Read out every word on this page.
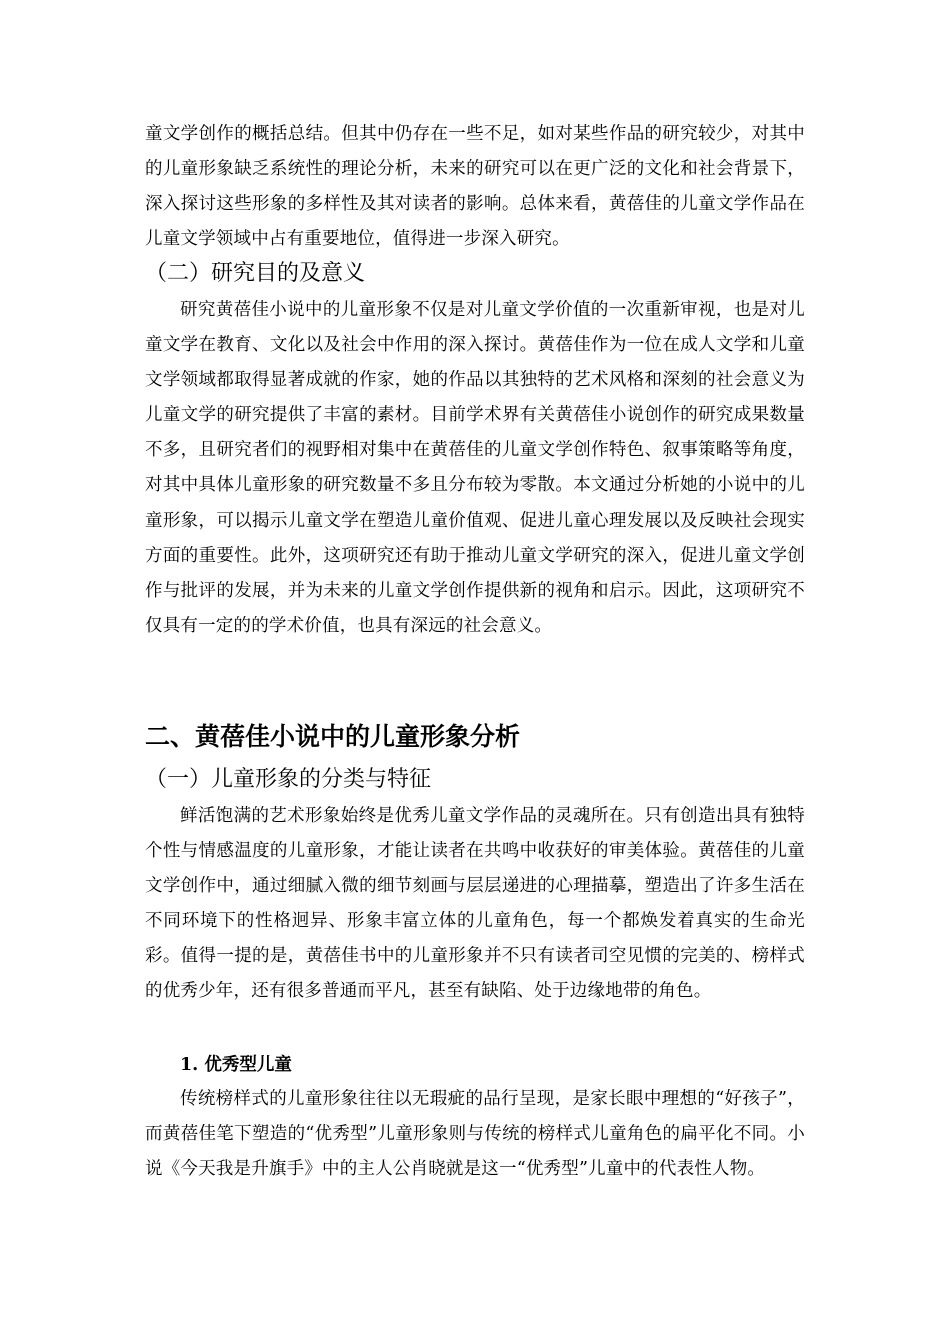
童文学创作的概括总结。但其中仍存在一些不足，如对某些作品的研究较少，对其中的儿童形象缺乏系统性的理论分析，未来的研究可以在更广泛的文化和社会背景下，深入探讨这些形象的多样性及其对读者的影响。总体来看，黄蓓佳的儿童文学作品在儿童文学领域中占有重要地位，值得进一步深入研究。

（二）研究目的及意义

研究黄蓓佳小说中的儿童形象不仅是对儿童文学价值的一次重新审视，也是对儿童文学在教育、文化以及社会中作用的深入探讨。黄蓓佳作为一位在成人文学和儿童文学领域都取得显著成就的作家，她的作品以其独特的艺术风格和深刻的社会意义为儿童文学的研究提供了丰富的素材。目前学术界有关黄蓓佳小说创作的研究成果数量不多，且研究者们的视野相对集中在黄蓓佳的儿童文学创作特色、叙事策略等角度，对其中具体儿童形象的研究数量不多且分布较为零散。本文通过分析她的小说中的儿童形象，可以揭示儿童文学在塑造儿童价值观、促进儿童心理发展以及反映社会现实方面的重要性。此外，这项研究还有助于推动儿童文学研究的深入，促进儿童文学创作与批评的发展，并为未来的儿童文学创作提供新的视角和启示。因此，这项研究不仅具有一定的的学术价值，也具有深远的社会意义。

二、黄蓓佳小说中的儿童形象分析
（一）儿童形象的分类与特征

鲜活饱满的艺术形象始终是优秀儿童文学作品的灵魂所在。只有创造出具有独特个性与情感温度的儿童形象，才能让读者在共鸣中收获好的审美体验。黄蓓佳的儿童文学创作中，通过细腻入微的细节刻画与层层递进的心理描摹，塑造出了许多生活在不同环境下的性格迥异、形象丰富立体的儿童角色，每一个都焕发着真实的生命光彩。值得一提的是，黄蓓佳书中的儿童形象并不只有读者司空见惯的完美的、榜样式的优秀少年，还有很多普通而平凡，甚至有缺陷、处于边缘地带的角色。

1. 优秀型儿童

传统榜样式的儿童形象往往以无瑕疵的品行呈现，是家长眼中理想的“好孩子”，而黄蓓佳笔下塑造的“优秀型”儿童形象则与传统的榜样式儿童角色的扁平化不同。小说《今天我是升旗手》中的主人公肖晓就是这一“优秀型”儿童中的代表性人物。
